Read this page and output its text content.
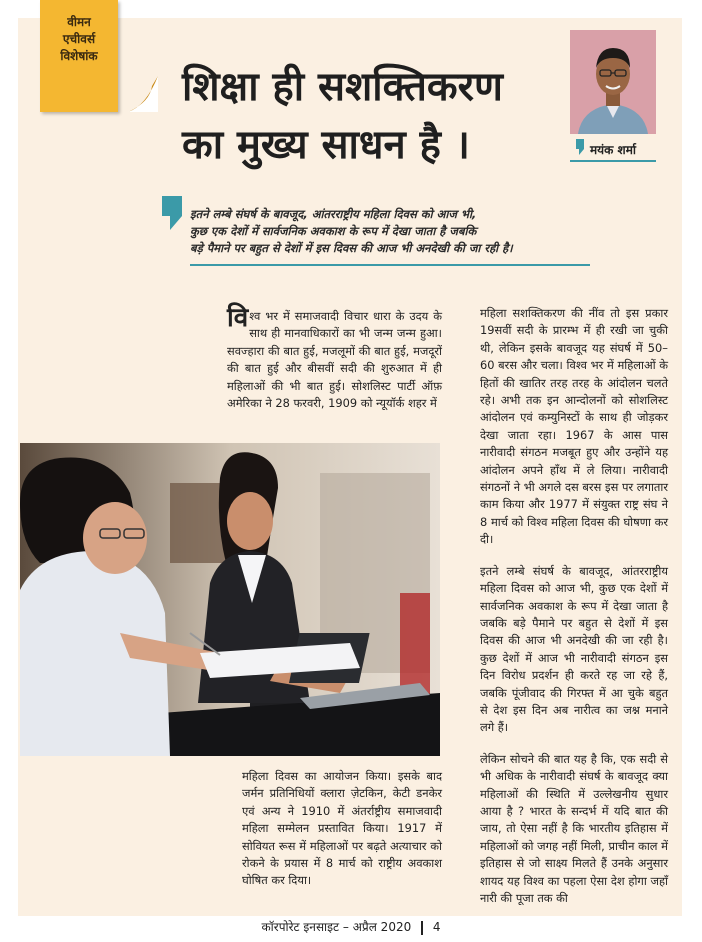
वीमन
एचीवर्स
विशेषांक
शिक्षा ही सशक्तिकरण
का मुख्य साधन है ।	मयंक शर्मा
इतने लम्बे संघर्ष के बावजूद, आंतरराष्ट्रीय महिला दिवस को आज भी,
कुछ एक देशों में सार्वजनिक अवकाश के रूप में देखा जाता है जबकि
बड़े पैमाने पर बहुत से देशों में इस दिवस की आज भी अनदेखी की जा रही है।
वि श्व भर में समाजवादी विचार धारा के उदय के साथ ही मानवाधिकारों का भी जन्म जन्म हुआ। सवज्हारा की बात हुई, मजलूमों की बात हुई, मजदूरों की बात हुई और बीसवीं सदी की शुरुआत में ही महिलाओं की भी बात हुई। सोशलिस्ट पार्टी ऑफ़ अमेरिका ने 28 फरवरी, 1909 को न्यूयॉर्क शहर में
महिला दिवस का आयोजन किया। इसके बाद जर्मन प्रतिनिधियों क्लारा ज़ेटकिन, केटी डनकेर एवं अन्य ने 1910 में अंतर्राष्ट्रीय समाजवादी महिला सम्मेलन प्रस्तावित किया। 1917 में सोवियत रूस में महिलाओं पर बढ़ते अत्याचार को रोकने के प्रयास में 8 मार्च को राष्ट्रीय अवकाश घोषित कर दिया।

महिला सशक्तिकरण की नींव तो इस प्रकार 19सवीं सदी के प्रारम्भ में ही रखी जा चुकी थी, लेकिन इसके बावजूद यह संघर्ष में 50–60 बरस और चला। विश्व भर में महिलाओं के हितों की खातिर तरह तरह के आंदोलन चलते रहे। अभी तक इन आन्दोलनों को सोशलिस्ट आंदोलन एवं कम्युनिस्टों के साथ ही जोड़कर देखा जाता रहा। 1967 के आस पास नारीवादी संगठन मजबूत हुए और उन्होंने यह आंदोलन अपने हाँथ में ले लिया। नारीवादी संगठनों ने भी अगले दस बरस इस पर लगातार काम किया और 1977 में संयुक्त राष्ट्र संघ ने 8 मार्च को विश्व महिला दिवस की घोषणा कर दी।

इतने लम्बे संघर्ष के बावजूद, आंतरराष्ट्रीय महिला दिवस को आज भी, कुछ एक देशों में सार्वजनिक अवकाश के रूप में देखा जाता है जबकि बड़े पैमाने पर बहुत से देशों में इस दिवस की आज भी अनदेखी की जा रही है। कुछ देशों में आज भी नारीवादी संगठन इस दिन विरोध प्रदर्शन ही करते रह जा रहे हैं, जबकि पूंजीवाद की गिरफ्त में आ चुके बहुत से देश इस दिन अब नारीत्व का जश्न मनाने लगे हैं।

लेकिन सोचने की बात यह है कि, एक सदी से भी अधिक के नारीवादी संघर्ष के बावजूद क्या महिलाओं की स्थिति में उल्लेखनीय सुधार आया है ? भारत के सन्दर्भ में यदि बात की जाय, तो ऐसा नहीं है कि भारतीय इतिहास में महिलाओं को जगह नहीं मिली, प्राचीन काल में इतिहास से जो साक्ष्य मिलते हैं उनके अनुसार शायद यह विश्व का पहला ऐसा देश होगा जहाँ नारी की पूजा तक की

कॉरपोरेट इनसाइट – अप्रैल 2020 4
